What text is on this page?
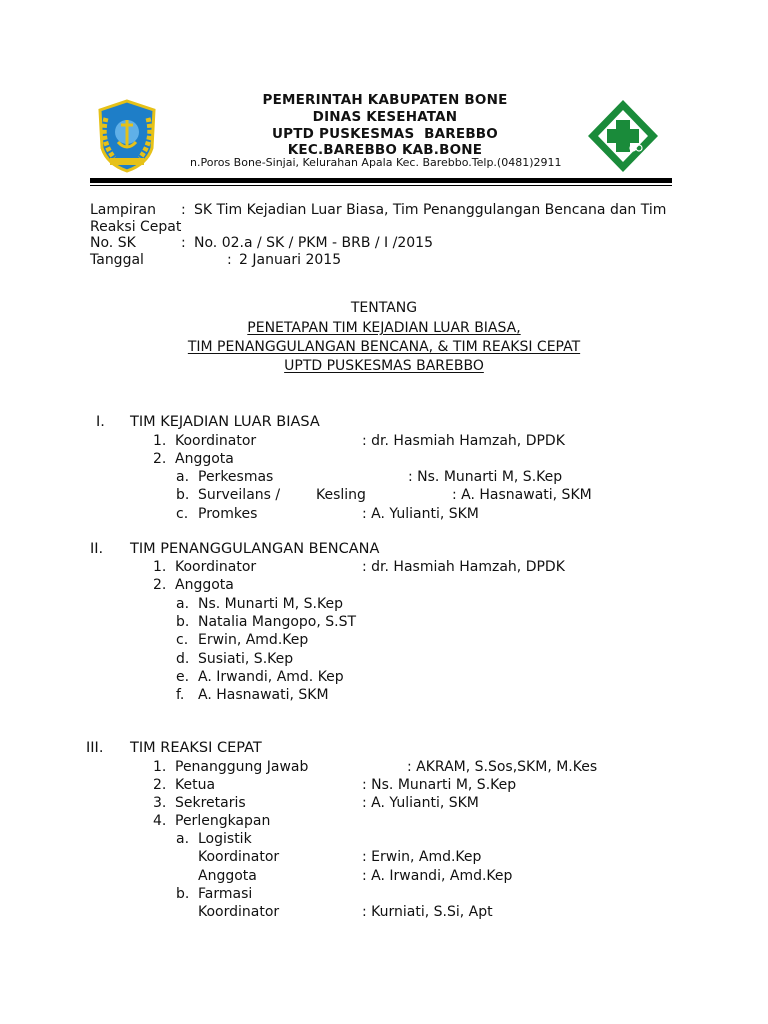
PEMERINTAH KABUPATEN BONE
DINAS KESEHATAN
UPTD PUSKESMAS  BAREBBO
KEC.BAREBBO KAB.BONE
n.Poros Bone-Sinjai, Kelurahan Apala Kec. Barebbo.Telp.(0481)2911
Lampiran : SK Tim Kejadian Luar Biasa, Tim Penanggulangan Bencana dan Tim
Reaksi Cepat
No. SK	: No. 02.a / SK / PKM - BRB / I /2015
Tanggal	: 2 Januari 2015
TENTANG
PENETAPAN TIM KEJADIAN LUAR BIASA,
TIM PENANGGULANGAN BENCANA, & TIM REAKSI CEPAT
UPTD PUSKESMAS BAREBBO
I. TIM KEJADIAN LUAR BIASA
1. Koordinator	: dr. Hasmiah Hamzah, DPDK
2. Anggota
a. Perkesmas	: Ns. Munarti M, S.Kep
b. Surveilans /	Kesling	: A. Hasnawati, SKM
c. Promkes	: A. Yulianti, SKM
II. TIM PENANGGULANGAN BENCANA
1. Koordinator	: dr. Hasmiah Hamzah, DPDK
2. Anggota
a. Ns. Munarti M, S.Kep
b. Natalia Mangopo, S.ST
c. Erwin, Amd.Kep
d. Susiati, S.Kep
e. A. Irwandi, Amd. Kep
f. A. Hasnawati, SKM
III. TIM REAKSI CEPAT
1. Penanggung Jawab	: AKRAM, S.Sos,SKM, M.Kes
2. Ketua	: Ns. Munarti M, S.Kep
3. Sekretaris	: A. Yulianti, SKM
4. Perlengkapan
a. Logistik
Koordinator	: Erwin, Amd.Kep
Anggota	: A. Irwandi, Amd.Kep
b. Farmasi
Koordinator	: Kurniati, S.Si, Apt
